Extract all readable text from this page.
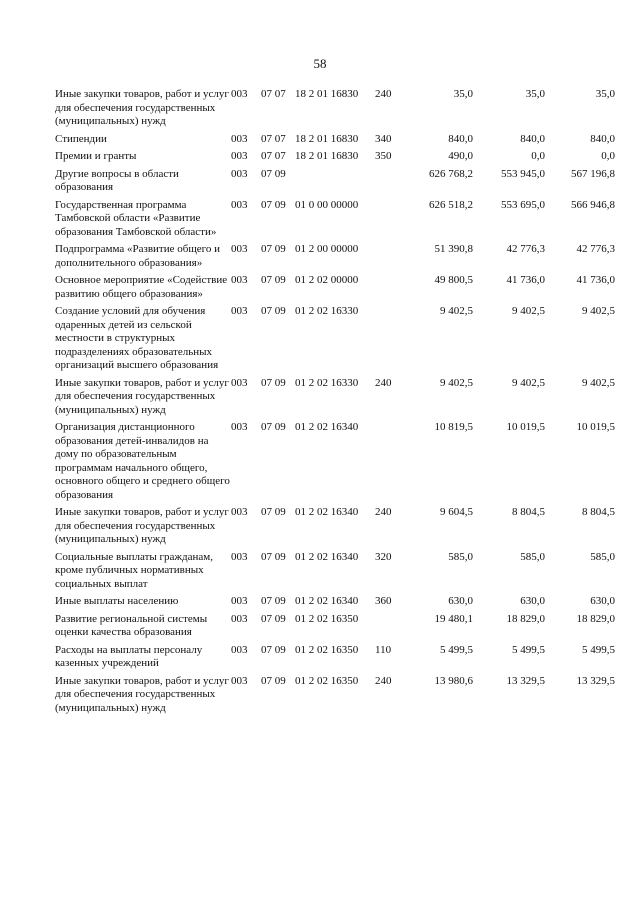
58
Иные закупки товаров, работ и услуг для обеспечения государственных (муниципальных) нужд	003	07 07	18 2 01 16830	240	35,0	35,0	35,0
Стипендии	003	07 07	18 2 01 16830	340	840,0	840,0	840,0
Премии и гранты	003	07 07	18 2 01 16830	350	490,0	0,0	0,0
Другие вопросы в области образования	003	07 09			626 768,2	553 945,0	567 196,8
Государственная программа Тамбовской области «Развитие образования Тамбовской области»	003	07 09	01 0 00 00000		626 518,2	553 695,0	566 946,8
Подпрограмма «Развитие общего и дополнительного образования»	003	07 09	01 2 00 00000		51 390,8	42 776,3	42 776,3
Основное мероприятие «Содействие развитию общего образования»	003	07 09	01 2 02 00000		49 800,5	41 736,0	41 736,0
Создание условий для обучения одаренных детей из сельской местности в структурных подразделениях образовательных организаций высшего образования	003	07 09	01 2 02 16330		9 402,5	9 402,5	9 402,5
Иные закупки товаров, работ и услуг для обеспечения государственных (муниципальных) нужд	003	07 09	01 2 02 16330	240	9 402,5	9 402,5	9 402,5
Организация дистанционного образования детей-инвалидов на дому по образовательным программам начального общего, основного общего и среднего общего образования	003	07 09	01 2 02 16340		10 819,5	10 019,5	10 019,5
Иные закупки товаров, работ и услуг для обеспечения государственных (муниципальных) нужд	003	07 09	01 2 02 16340	240	9 604,5	8 804,5	8 804,5
Социальные выплаты гражданам, кроме публичных нормативных социальных выплат	003	07 09	01 2 02 16340	320	585,0	585,0	585,0
Иные выплаты населению	003	07 09	01 2 02 16340	360	630,0	630,0	630,0
Развитие региональной системы оценки качества образования	003	07 09	01 2 02 16350		19 480,1	18 829,0	18 829,0
Расходы на выплаты персоналу казенных учреждений	003	07 09	01 2 02 16350	110	5 499,5	5 499,5	5 499,5
Иные закупки товаров, работ и услуг для обеспечения государственных (муниципальных) нужд	003	07 09	01 2 02 16350	240	13 980,6	13 329,5	13 329,5
